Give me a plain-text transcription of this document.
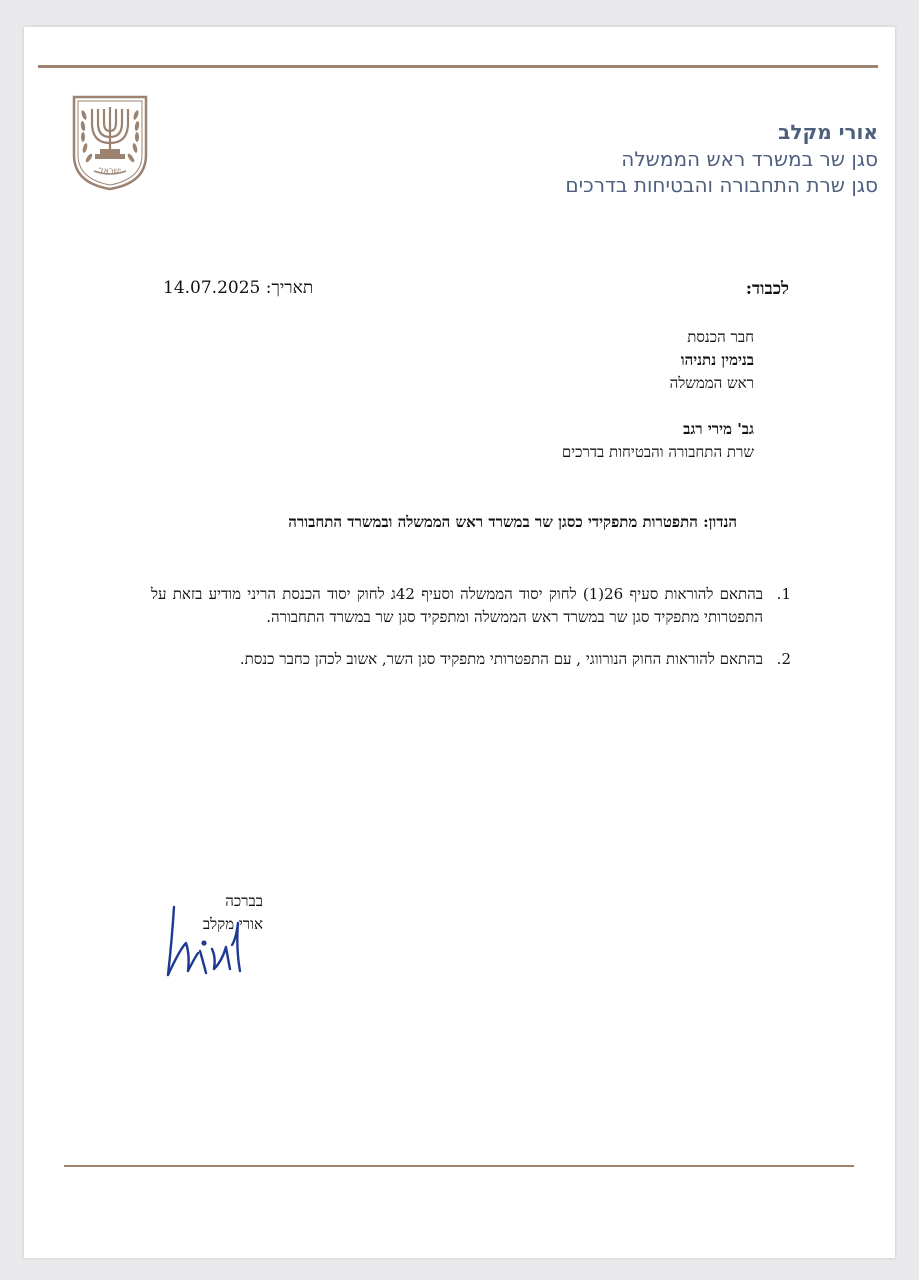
ישראל
אורי מקלב
סגן שר במשרד ראש הממשלה
סגן שרת התחבורה והבטיחות בדרכים
לכבוד:
תאריך: 14.07.2025
חבר הכנסת
בנימין נתניהו
ראש הממשלה
גב' מירי רגב
שרת התחבורה והבטיחות בדרכים
הנדון: התפטרות מתפקידי כסגן שר במשרד ראש הממשלה ובמשרד התחבורה
1.
בהתאם להוראות סעיף 26(1) לחוק יסוד הממשלה וסעיף 42ג לחוק יסוד הכנסת הריני מודיע בזאת על התפטרותי מתפקיד סגן שר במשרד ראש הממשלה ומתפקיד סגן שר במשרד התחבורה.
2.
בהתאם להוראות החוק הנורווגי , עם התפטרותי מתפקיד סגן השר, אשוב לכהן כחבר כנסת.
בברכה
אורי מקלב
